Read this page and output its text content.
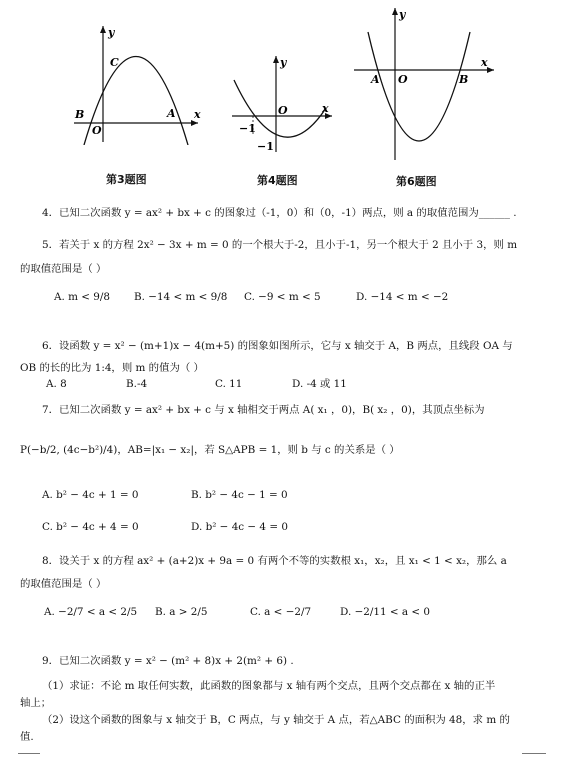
y
C
B	A x
O
第3题图
y
O	x
−1
−1
第4题图
y
x
A O	B
第6题图
4．已知二次函数 y = ax² + bx + c 的图象过（-1，0）和（0，-1）两点，则 a 的取值范围为______ .
5．若关于 x 的方程 2x² − 3x + m = 0 的一个根大于-2，且小于-1，另一个根大于 2 且小于 3，则 m
的取值范围是（ ）
A. m < 9/8 B. −14 < m < 9/8 C. −9 < m < 5	D. −14 < m < −2
6．设函数 y = x² − (m+1)x − 4(m+5) 的图象如图所示，它与 x 轴交于 A，B 两点，且线段 OA 与
OB 的长的比为 1:4，则 m 的值为（ ）
A. 8	B.-4	C. 11	D. -4 或 11
7．已知二次函数 y = ax² + bx + c 与 x 轴相交于两点 A( x₁ ，0)，B( x₂ ，0)，其顶点坐标为
P(−b/2, (4c−b²)/4)，AB=|x₁ − x₂|，若 S△APB = 1，则 b 与 c 的关系是（ ）
A. b² − 4c + 1 = 0	B. b² − 4c − 1 = 0
C. b² − 4c + 4 = 0	D. b² − 4c − 4 = 0
8．设关于 x 的方程 ax² + (a+2)x + 9a = 0 有两个不等的实数根 x₁，x₂，且 x₁ < 1 < x₂，那么 a
的取值范围是（ ）
A. −2/7 < a < 2/5 B. a > 2/5	C. a < −2/7	D. −2/11 < a < 0
9．已知二次函数 y = x² − (m² + 8)x + 2(m² + 6) .
（1）求证：不论 m 取任何实数，此函数的图象都与 x 轴有两个交点，且两个交点都在 x 轴的正半
轴上；
（2）设这个函数的图象与 x 轴交于 B，C 两点，与 y 轴交于 A 点，若△ABC 的面积为 48，求 m 的
值.
